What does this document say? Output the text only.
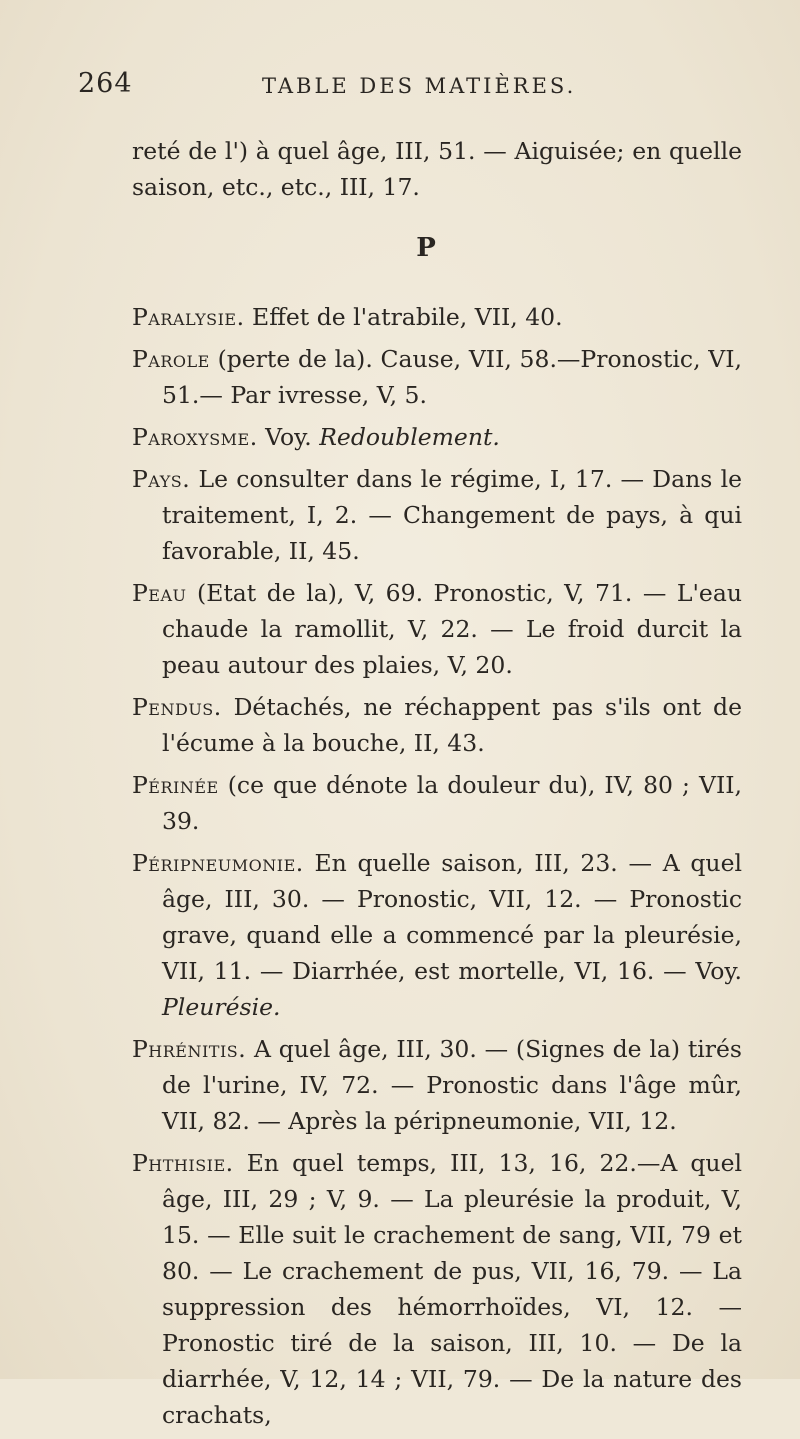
264	TABLE DES MATIÈRES.

reté de l') à quel âge, III, 51. — Aiguisée; en quelle saison, etc., etc., III, 17.

P

Paralysie. Effet de l'atrabile, VII, 40.

Parole (perte de la). Cause, VII, 58.—Pronostic, VI, 51.— Par ivresse, V, 5.

Paroxysme. Voy. Redoublement.

Pays. Le consulter dans le régime, I, 17. — Dans le traitement, I, 2. — Changement de pays, à qui favorable, II, 45.

Peau (Etat de la), V, 69. Pronostic, V, 71. — L'eau chaude la ramollit, V, 22. — Le froid durcit la peau autour des plaies, V, 20.

Pendus. Détachés, ne réchappent pas s'ils ont de l'écume à la bouche, II, 43.

Périnée (ce que dénote la douleur du), IV, 80 ; VII, 39.

Péripneumonie. En quelle saison, III, 23. — A quel âge, III, 30. — Pronostic, VII, 12. — Pronostic grave, quand elle a commencé par la pleurésie, VII, 11. — Diarrhée, est mortelle, VI, 16. — Voy. Pleurésie.

Phrénitis. A quel âge, III, 30. — (Signes de la) tirés de l'urine, IV, 72. — Pronostic dans l'âge mûr, VII, 82. — Après la péripneumonie, VII, 12.

Phthisie. En quel temps, III, 13, 16, 22.—A quel âge, III, 29 ; V, 9. — La pleurésie la produit, V, 15. — Elle suit le crachement de sang, VII, 79 et 80. — Le crachement de pus, VII, 16, 79. — La suppression des hémorrhoïdes, VI, 12. — Pronostic tiré de la saison, III, 10. — De la diarrhée, V, 12, 14 ; VII, 79. — De la nature des crachats,
